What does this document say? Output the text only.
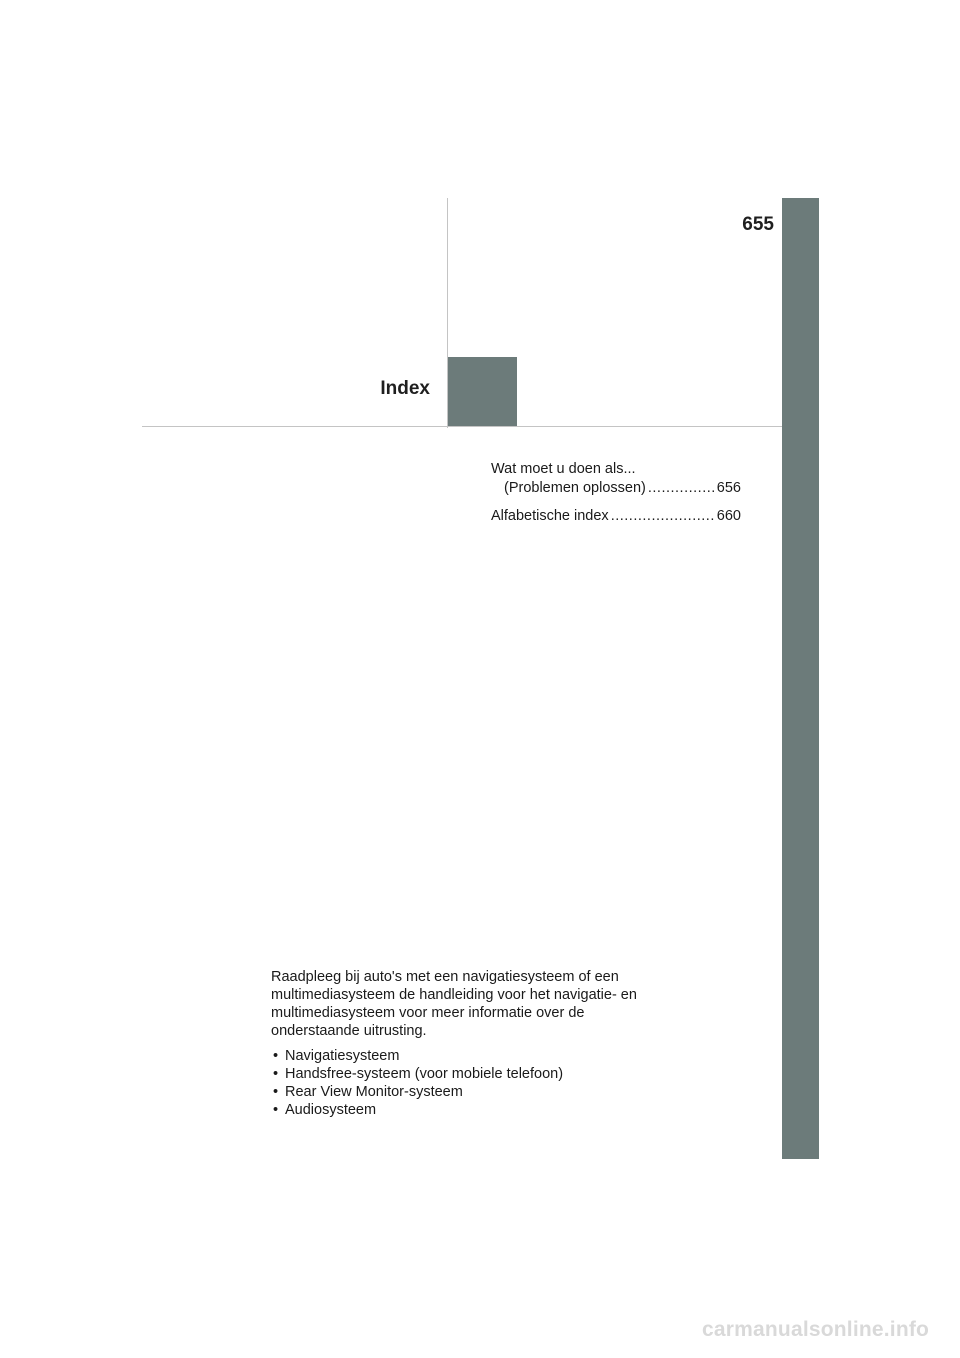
655
Index
Wat moet u doen als...
(Problemen oplossen) .....	656
Alfabetische index .....	660

Raadpleeg bij auto's met een navigatiesysteem of een multimediasysteem de handleiding voor het navigatie- en multimediasysteem voor meer informatie over de onderstaande uitrusting.

• Navigatiesysteem
• Handsfree-systeem (voor mobiele telefoon)
• Rear View Monitor-systeem
• Audiosysteem
carmanualsonline.info
